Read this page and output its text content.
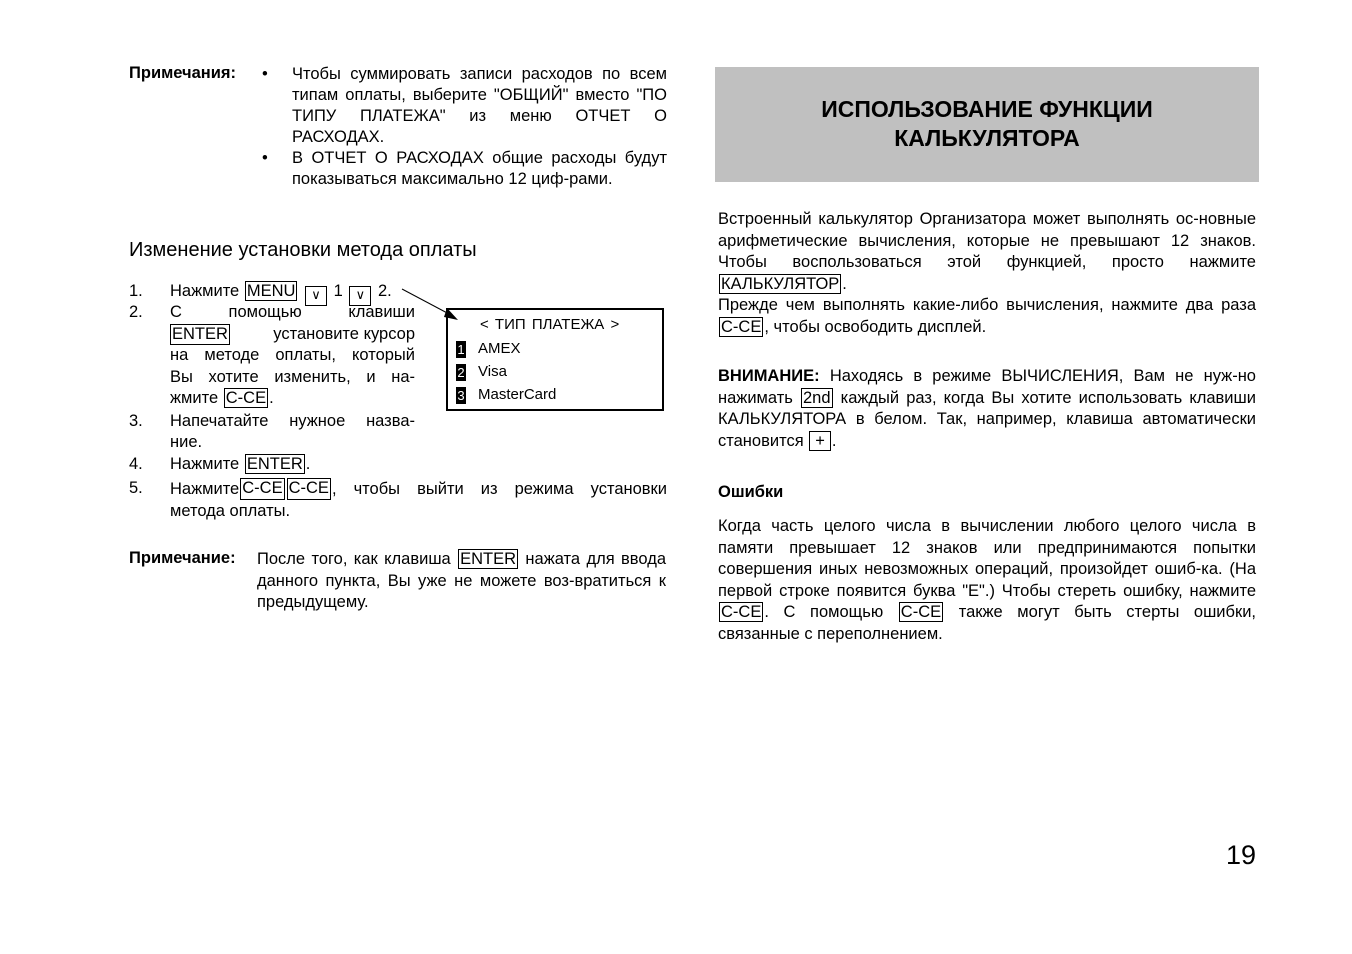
Примечания: • Чтобы суммировать записи расходов по всем типам оплаты, выберите "ОБЩИЙ" вместо "ПО ТИПУ ПЛАТЕЖА" из меню ОТЧЕТ О РАСХОДАХ.
• В ОТЧЕТ О РАСХОДАХ общие расходы будут показываться максимально 12 циф-рами.
Изменение установки метода оплаты
1. Нажмите MENU ∨ 1 ∨ 2.
2. С помощью клавиши
ENTER	установите курсор
на методе оплаты, который
Вы хотите изменить, и на-
жмите C-CE .
3. Напечатайте нужное назва-
ние.
4. Нажмите ENTER .
5. Нажмите C-CE C-CE , чтобы выйти из режима установки
метода оплаты.
< ТИП ПЛАТЕЖА >
1 AMEX
2 Visa
3 MasterCard
Примечание: После того, как клавиша ENTER нажата для ввода данного пункта, Вы уже не можете воз-вратиться к предыдущему.
ИСПОЛЬЗОВАНИЕ ФУНКЦИИ
КАЛЬКУЛЯТОРА
Встроенный калькулятор Организатора может выполнять ос-новные арифметические вычисления, которые не превышают 12 знаков. Чтобы воспользоваться этой функцией, просто нажмите КАЛЬКУЛЯТОР .
Прежде чем выполнять какие-либо вычисления, нажмите два раза C-CE , чтобы освободить дисплей.
ВНИМАНИЕ: Находясь в режиме ВЫЧИСЛЕНИЯ, Вам не нуж-но нажимать 2nd каждый раз, когда Вы хотите использовать клавиши КАЛЬКУЛЯТОРА в белом. Так, например, клавиша автоматически становится + .
Ошибки
Когда часть целого числа в вычислении любого целого числа в памяти превышает 12 знаков или предпринимаются попытки совершения иных невозможных операций, произойдет ошиб-ка. (На первой строке появится буква "E".) Чтобы стереть ошибку, нажмите C-CE . С помощью C-CE также могут быть стерты ошибки, связанные с переполнением.
19
